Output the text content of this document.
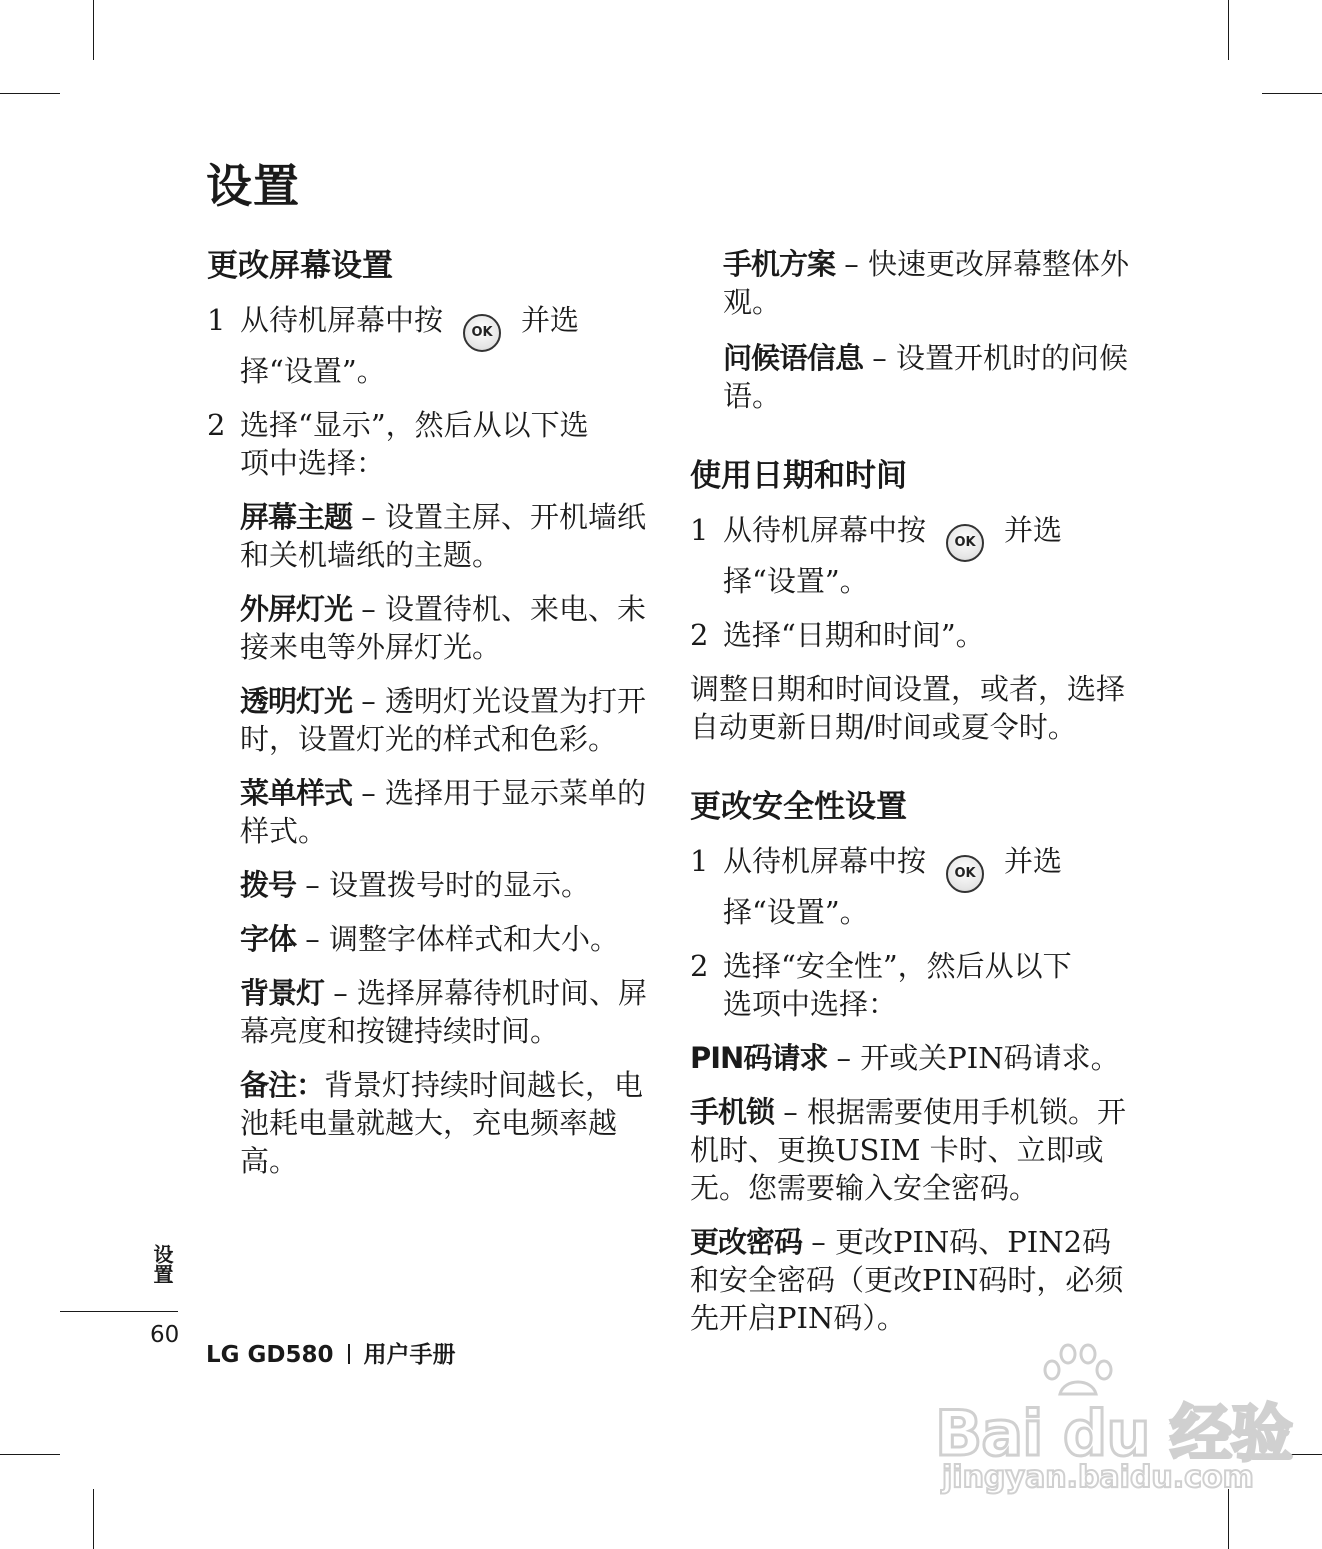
设置
更改屏幕设置
1 从待机屏幕中按 OK 并选
择“设置”。
2 选择“显示”，然后从以下选
项中选择：
屏幕主题 – 设置主屏、开机墙纸和关机墙纸的主题。
外屏灯光 – 设置待机、来电、未接来电等外屏灯光。
透明灯光 – 透明灯光设置为打开时，设置灯光的样式和色彩。
菜单样式 – 选择用于显示菜单的样式。
拨号 – 设置拨号时的显示。
字体 – 调整字体样式和大小。
背景灯 – 选择屏幕待机时间、屏幕亮度和按键持续时间。
备注：背景灯持续时间越长，电池耗电量就越大，充电频率越高。
手机方案 – 快速更改屏幕整体外观。
问候语信息 – 设置开机时的问候语。
使用日期和时间
1 从待机屏幕中按 OK 并选
择“设置”。
2 选择“日期和时间”。
调整日期和时间设置，或者，选择自动更新日期/时间或夏令时。
更改安全性设置
1 从待机屏幕中按 OK 并选
择“设置”。
2 选择“安全性”，然后从以下
选项中选择：
PIN码请求 – 开或关PIN码请求。
手机锁 – 根据需要使用手机锁。开机时、更换USIM 卡时、立即或无。您需要输入安全密码。
更改密码 – 更改PIN码、PIN2码和安全密码（更改PIN码时，必须先开启PIN码）。
设置
60
LG GD580 用户手册
Bai du 经验
jingyan.baidu.com
